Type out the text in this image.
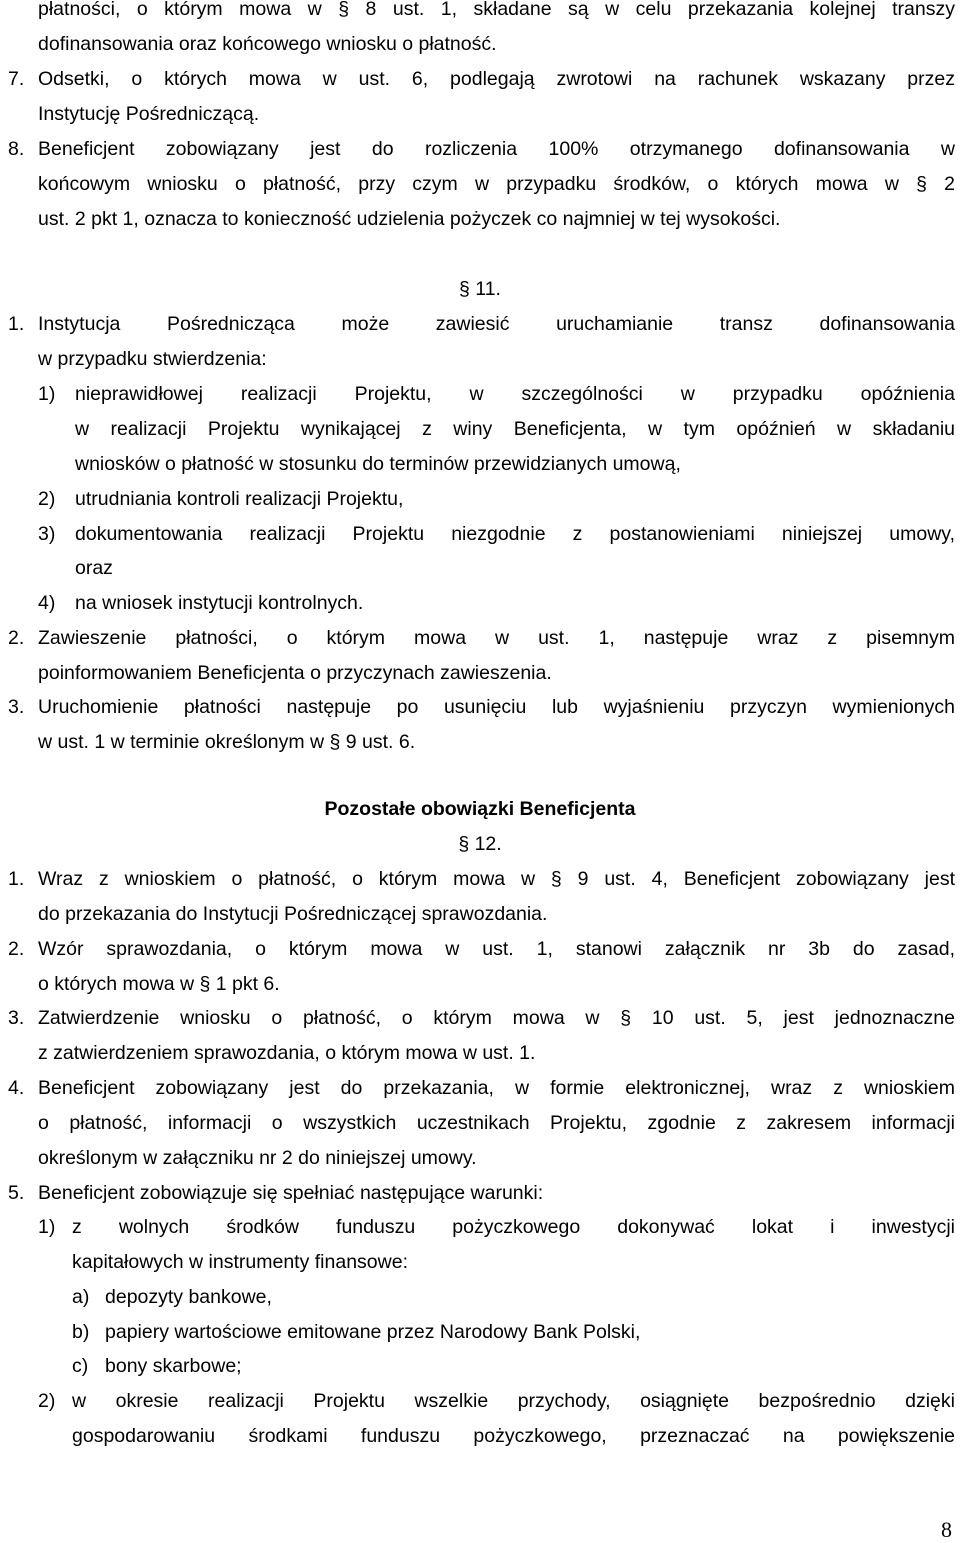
płatności, o którym mowa w § 8 ust. 1, składane są w celu przekazania kolejnej transzy
dofinansowania oraz końcowego wniosku o płatność.
7. Odsetki, o których mowa w ust. 6, podlegają zwrotowi na rachunek wskazany przez
Instytucję Pośredniczącą.
8. Beneficjent zobowiązany jest do rozliczenia 100% otrzymanego dofinansowania w
końcowym wniosku o płatność, przy czym w przypadku środków, o których mowa w § 2
ust. 2 pkt 1, oznacza to konieczność udzielenia pożyczek co najmniej w tej wysokości.
§ 11.
1. Instytucja Pośrednicząca może zawiesić uruchamianie transz dofinansowania
w przypadku stwierdzenia:
1) nieprawidłowej realizacji Projektu, w szczególności w przypadku opóźnienia
w realizacji Projektu wynikającej z winy Beneficjenta, w tym opóźnień w składaniu
wniosków o płatność w stosunku do terminów przewidzianych umową,
2) utrudniania kontroli realizacji Projektu,
3) dokumentowania realizacji Projektu niezgodnie z postanowieniami niniejszej umowy,
oraz
4) na wniosek instytucji kontrolnych.
2. Zawieszenie płatności, o którym mowa w ust. 1, następuje wraz z pisemnym
poinformowaniem Beneficjenta o przyczynach zawieszenia.
3. Uruchomienie płatności następuje po usunięciu lub wyjaśnieniu przyczyn wymienionych
w ust. 1 w terminie określonym w § 9 ust. 6.
Pozostałe obowiązki Beneficjenta
§ 12.
1. Wraz z wnioskiem o płatność, o którym mowa w § 9 ust. 4, Beneficjent zobowiązany jest
do przekazania do Instytucji Pośredniczącej sprawozdania.
2. Wzór sprawozdania, o którym mowa w ust. 1, stanowi załącznik nr 3b do zasad,
o których mowa w § 1 pkt 6.
3. Zatwierdzenie wniosku o płatność, o którym mowa w § 10 ust. 5, jest jednoznaczne
z zatwierdzeniem sprawozdania, o którym mowa w ust. 1.
4. Beneficjent zobowiązany jest do przekazania, w formie elektronicznej, wraz z wnioskiem
o płatność, informacji o wszystkich uczestnikach Projektu, zgodnie z zakresem informacji
określonym w załączniku nr 2 do niniejszej umowy.
5. Beneficjent zobowiązuje się spełniać następujące warunki:
1) z wolnych środków funduszu pożyczkowego dokonywać lokat i inwestycji
kapitałowych w instrumenty finansowe:
a) depozyty bankowe,
b) papiery wartościowe emitowane przez Narodowy Bank Polski,
c) bony skarbowe;
2) w okresie realizacji Projektu wszelkie przychody, osiągnięte bezpośrednio dzięki
gospodarowaniu środkami funduszu pożyczkowego, przeznaczać na powiększenie
8
